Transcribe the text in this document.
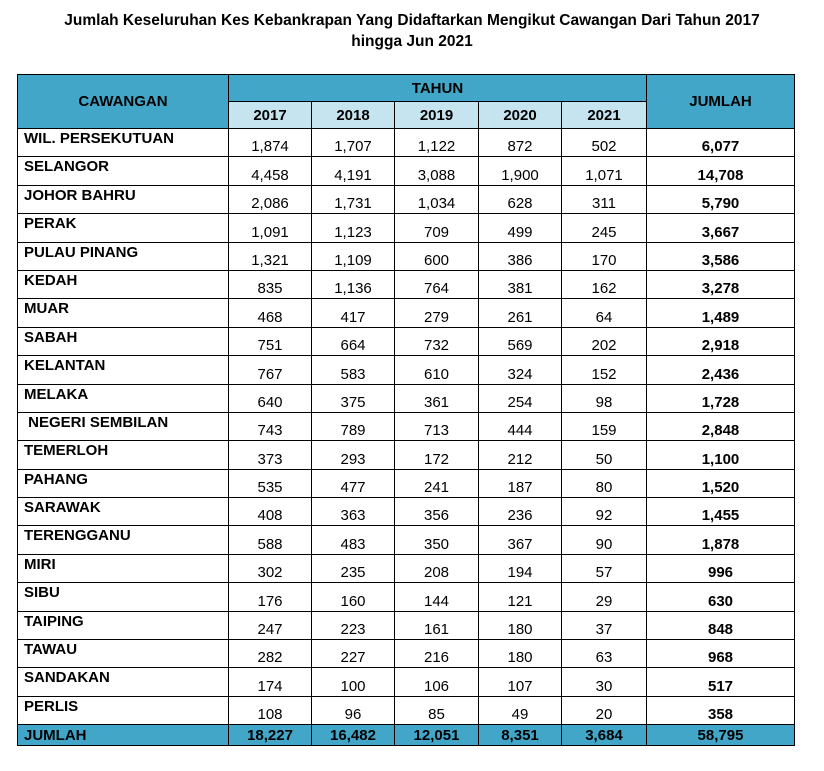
Jumlah Keseluruhan Kes Kebankrapan Yang Didaftarkan Mengikut Cawangan Dari Tahun 2017
hingga Jun 2021
CAWANGAN	TAHUN					JUMLAH
	2017	2018	2019	2020	2021	
WIL. PERSEKUTUAN	1,874	1,707	1,122	872	502	6,077
SELANGOR	4,458	4,191	3,088	1,900	1,071	14,708
JOHOR BAHRU	2,086	1,731	1,034	628	311	5,790
PERAK	1,091	1,123	709	499	245	3,667
PULAU PINANG	1,321	1,109	600	386	170	3,586
KEDAH	835	1,136	764	381	162	3,278
MUAR	468	417	279	261	64	1,489
SABAH	751	664	732	569	202	2,918
KELANTAN	767	583	610	324	152	2,436
MELAKA	640	375	361	254	98	1,728
NEGERI SEMBILAN	743	789	713	444	159	2,848
TEMERLOH	373	293	172	212	50	1,100
PAHANG	535	477	241	187	80	1,520
SARAWAK	408	363	356	236	92	1,455
TERENGGANU	588	483	350	367	90	1,878
MIRI	302	235	208	194	57	996
SIBU	176	160	144	121	29	630
TAIPING	247	223	161	180	37	848
TAWAU	282	227	216	180	63	968
SANDAKAN	174	100	106	107	30	517
PERLIS	108	96	85	49	20	358
JUMLAH	18,227	16,482	12,051	8,351	3,684	58,795
